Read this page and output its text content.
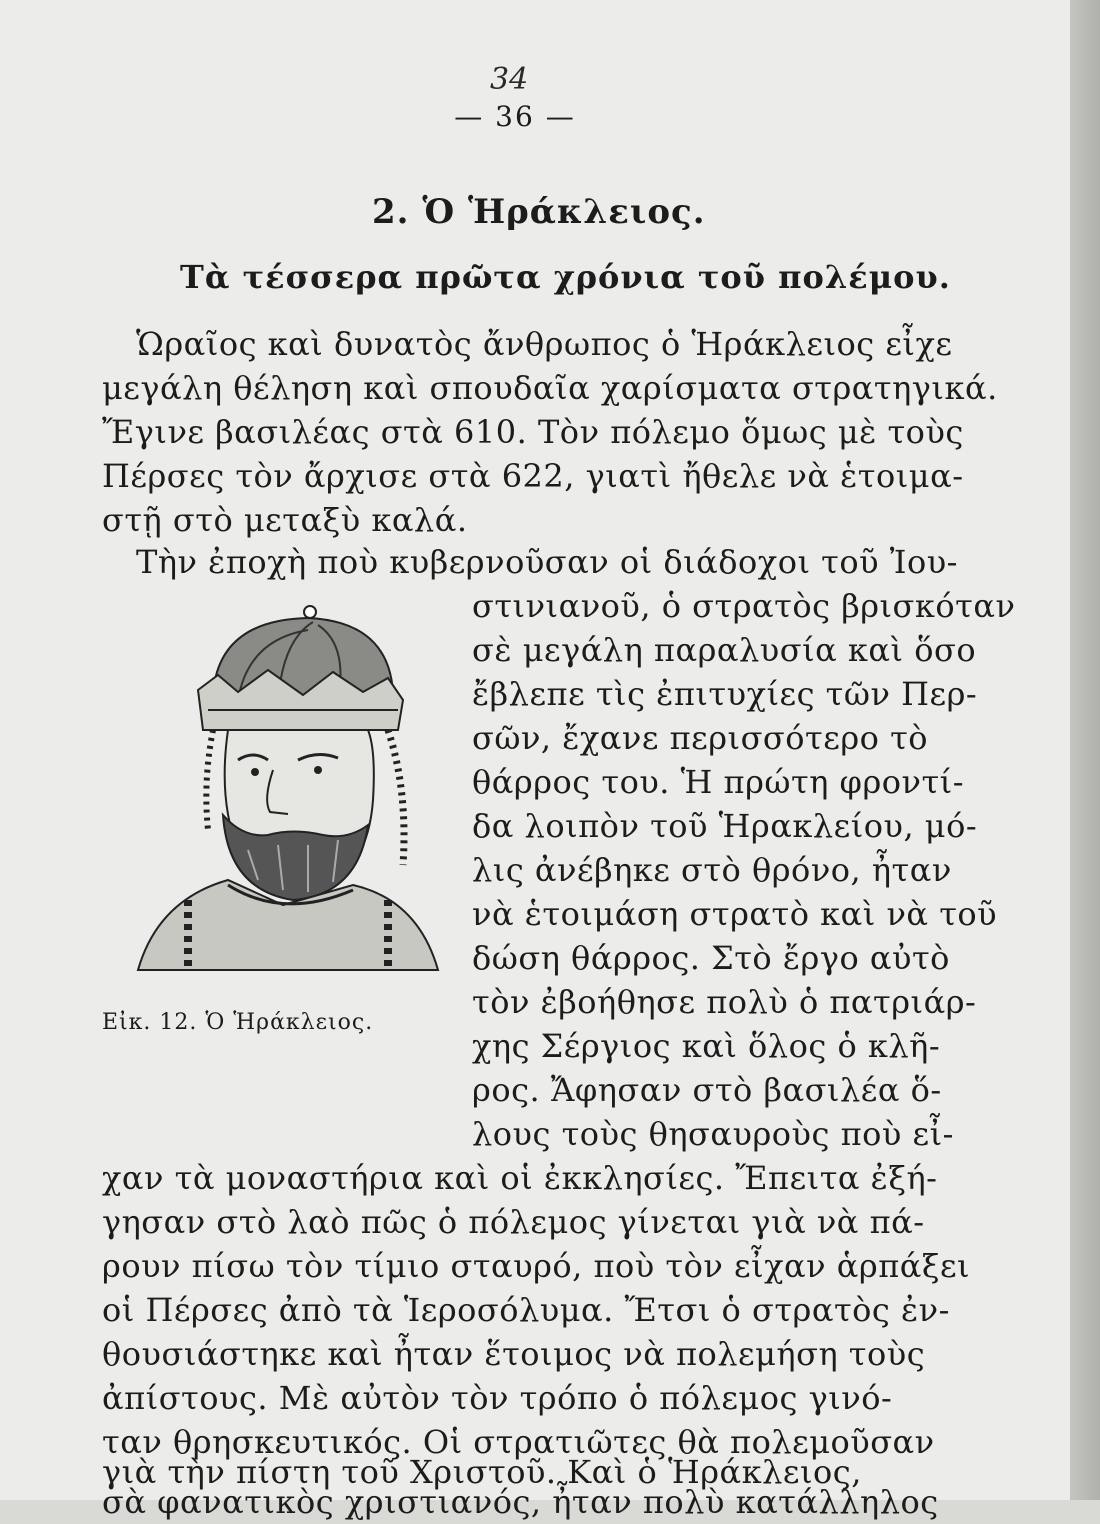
34
— 36 —
2. Ὁ Ἡράκλειος.
Τὰ τέσσερα πρῶτα χρόνια τοῦ πολέμου.
Ὡραῖος καὶ δυνατὸς ἄνθρωπος ὁ Ἡράκλειος εἶχε
μεγάλη θέληση καὶ σπουδαῖα χαρίσματα στρατηγικά.
Ἔγινε βασιλέας στὰ 610. Τὸν πόλεμο ὅμως μὲ τοὺς
Πέρσες τὸν ἄρχισε στὰ 622, γιατὶ ἤθελε νὰ ἑτοιμα-
στῇ στὸ μεταξὺ καλά.
Τὴν ἐποχὴ ποὺ κυβερνοῦσαν οἱ διάδοχοι τοῦ Ἰου-
στινιανοῦ, ὁ στρατὸς βρισκόταν
σὲ μεγάλη παραλυσία καὶ ὅσο
ἔβλεπε τὶς ἐπιτυχίες τῶν Περ-
σῶν, ἔχανε περισσότερο τὸ
θάρρος του. Ἡ πρώτη φροντί-
δα λοιπὸν τοῦ Ἡρακλείου, μό-
λις ἀνέβηκε στὸ θρόνο, ἦταν
νὰ ἑτοιμάση στρατὸ καὶ νὰ τοῦ
δώση θάρρος. Στὸ ἔργο αὐτὸ
τὸν ἐβοήθησε πολὺ ὁ πατριάρ-
χης Σέργιος καὶ ὅλος ὁ κλῆ-
ρος. Ἄφησαν στὸ βασιλέα ὅ-
λους τοὺς θησαυροὺς ποὺ εἶ-
χαν τὰ μοναστήρια καὶ οἱ ἐκκλησίες. Ἔπειτα ἐξή-
γησαν στὸ λαὸ πῶς ὁ πόλεμος γίνεται γιὰ νὰ πά-
ρουν πίσω τὸν τίμιο σταυρό, ποὺ τὸν εἶχαν ἁρπάξει
οἱ Πέρσες ἀπὸ τὰ Ἱεροσόλυμα. Ἔτσι ὁ στρατὸς ἐν-
θουσιάστηκε καὶ ἦταν ἕτοιμος νὰ πολεμήση τοὺς
ἀπίστους. Μὲ αὐτὸν τὸν τρόπο ὁ πόλεμος γινό-
ταν θρησκευτικός. Οἱ στρατιῶτες θὰ πολεμοῦσαν
γιὰ τὴν πίστη τοῦ Χριστοῦ. Καὶ ὁ Ἡράκλειος,
σὰ φανατικὸς χριστιανός, ἦταν πολὺ κατάλληλος
Εἰκ. 12. Ὁ Ἡράκλειος.
